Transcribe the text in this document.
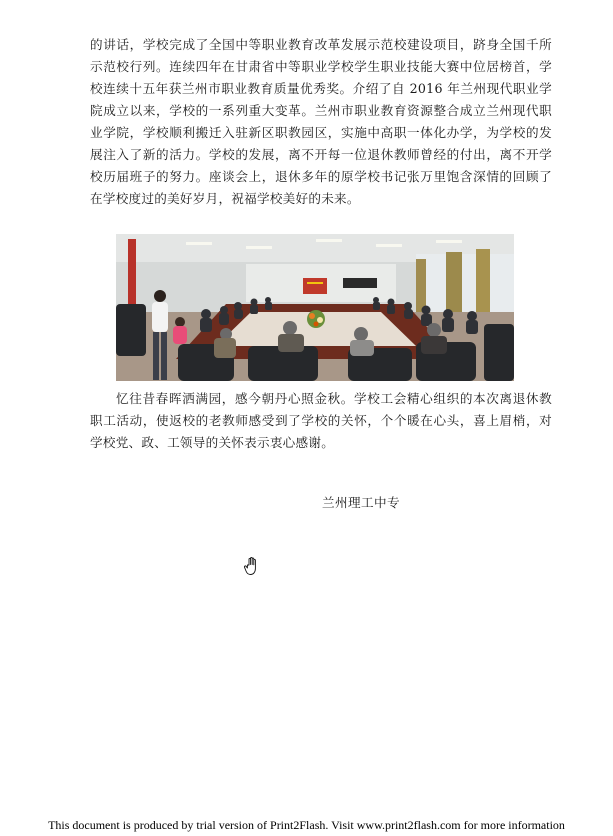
的讲话，学校完成了全国中等职业教育改革发展示范校建设项目，跻身全国千所示范校行列。连续四年在甘肃省中等职业学校学生职业技能大赛中位居榜首，学校连续十五年获兰州市职业教育质量优秀奖。介绍了自 2016 年兰州现代职业学院成立以来，学校的一系列重大变革。兰州市职业教育资源整合成立兰州现代职业学院，学校顺利搬迁入驻新区职教园区，实施中高职一体化办学，为学校的发展注入了新的活力。学校的发展，离不开每一位退休教师曾经的付出，离不开学校历届班子的努力。座谈会上，退休多年的原学校书记张万里饱含深情的回顾了在学校度过的美好岁月，祝福学校美好的未来。

忆往昔春晖洒满园，感今朝丹心照金秋。学校工会精心组织的本次离退休教职工活动，使返校的老教师感受到了学校的关怀，个个暖在心头，喜上眉梢，对学校党、政、工领导的关怀表示衷心感谢。

兰州理工中专
This document is produced by trial version of Print2Flash. Visit www.print2flash.com for more information
